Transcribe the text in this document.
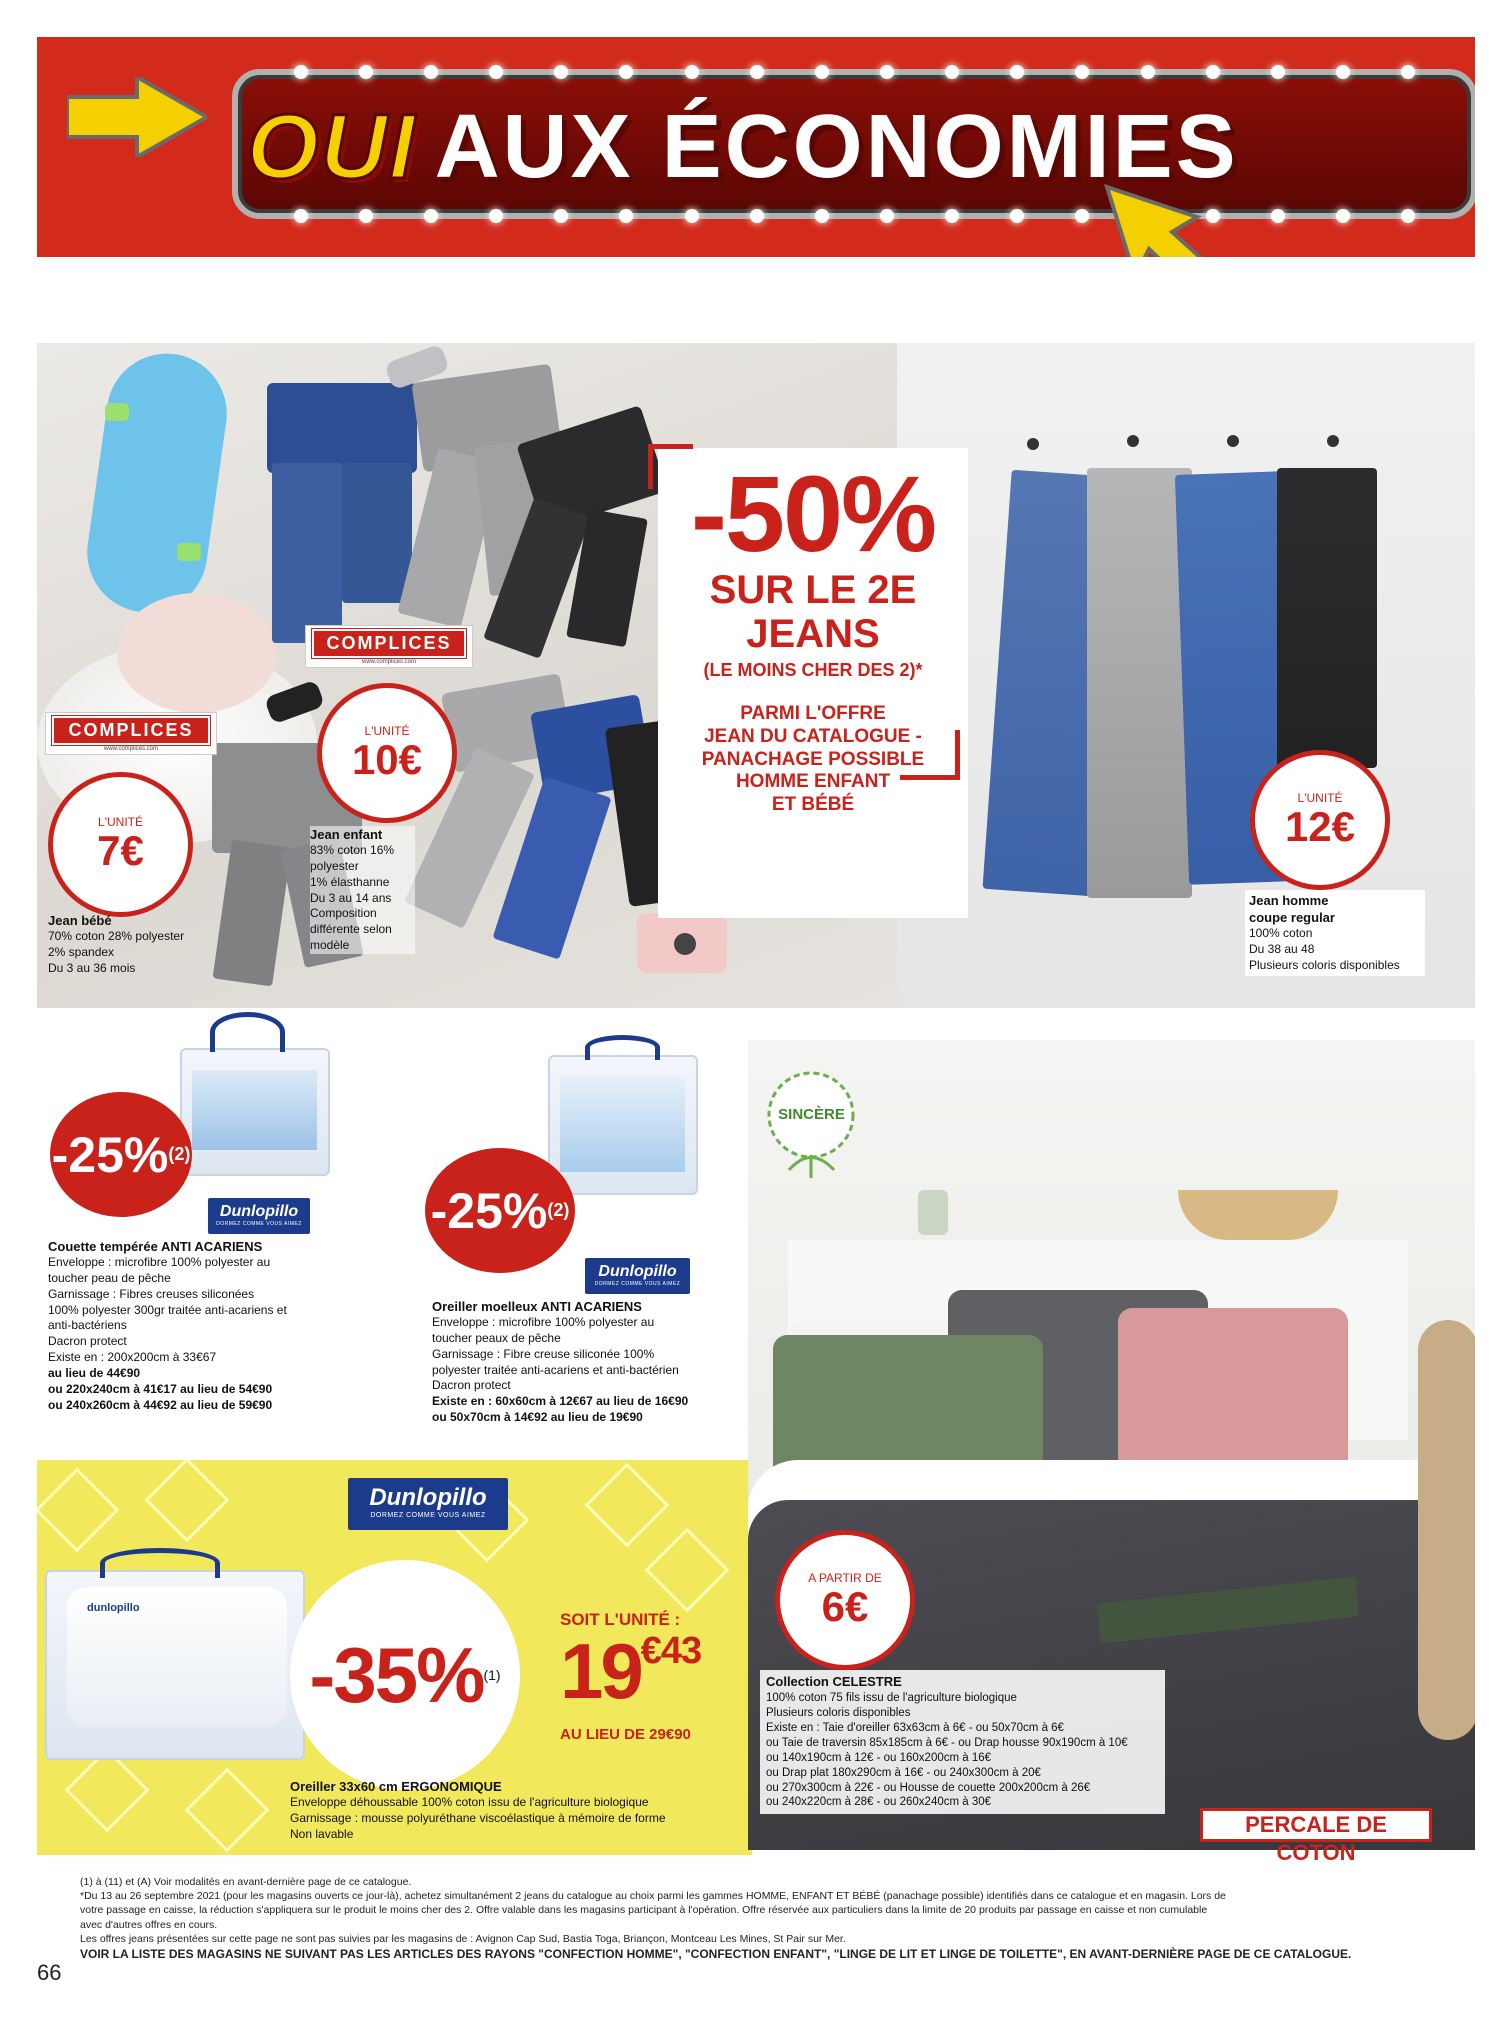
OUI AUX ÉCONOMIES
COMPLICES
www.complices.com
COMPLICES
www.complices.com
L'UNITÉ
10€
L'UNITÉ
7€
Jean bébé
70% coton 28% polyester
2% spandex
Du 3 au 36 mois
Jean enfant
83% coton 16%
polyester
1% élasthanne
Du 3 au 14 ans
Composition
différente selon
modèle
L'UNITÉ
12€
Jean homme
coupe regular
100% coton
Du 38 au 48
Plusieurs coloris disponibles
-50%
SUR LE 2E
JEANS
(LE MOINS CHER DES 2)*
PARMI L'OFFRE
JEAN DU CATALOGUE -
PANACHAGE POSSIBLE
HOMME ENFANT
ET BÉBÉ
-25% (2)
Dunlopillo
DORMEZ COMME VOUS AIMEZ
Couette tempérée ANTI ACARIENS
Enveloppe : microfibre 100% polyester au
toucher peau de pêche
Garnissage : Fibres creuses siliconées
100% polyester 300gr traitée anti-acariens et
anti-bactériens
Dacron protect
Existe en : 200x200cm à 33€67
au lieu de 44€90
ou 220x240cm à 41€17 au lieu de 54€90
ou 240x260cm à 44€92 au lieu de 59€90
-25% (2)
Dunlopillo
DORMEZ COMME VOUS AIMEZ
Oreiller moelleux ANTI ACARIENS
Enveloppe : microfibre 100% polyester au
toucher peaux de pêche
Garnissage : Fibre creuse siliconée 100%
polyester traitée anti-acariens et anti-bactérien
Dacron protect
Existe en : 60x60cm à 12€67 au lieu de 16€90
ou 50x70cm à 14€92 au lieu de 19€90
Dunlopillo
DORMEZ COMME VOUS AIMEZ
dunlopillo
-35% (1)
SOIT L'UNITÉ :
$19^{€43}$
AU LIEU DE 29€90
Oreiller 33x60 cm ERGONOMIQUE
Enveloppe déhoussable 100% coton issu de l'agriculture biologique
Garnissage : mousse polyuréthane viscoélastique à mémoire de forme
Non lavable
SINCÈRE
A PARTIR DE
6€
Collection CELESTRE
100% coton 75 fils issu de l'agriculture biologique
Plusieurs coloris disponibles
Existe en : Taie d'oreiller 63x63cm à 6€ - ou 50x70cm à 6€
ou Taie de traversin 85x185cm à 6€ - ou Drap housse 90x190cm à 10€
ou 140x190cm à 12€ - ou 160x200cm à 16€
ou Drap plat 180x290cm à 16€ - ou 240x300cm à 20€
ou 270x300cm à 22€ - ou Housse de couette 200x200cm à 26€
ou 240x220cm à 28€ - ou 260x240cm à 30€
PERCALE DE COTON
66
(1) à (11) et (A) Voir modalités en avant-dernière page de ce catalogue.
*Du 13 au 26 septembre 2021 (pour les magasins ouverts ce jour-là), achetez simultanément 2 jeans du catalogue au choix parmi les gammes HOMME, ENFANT ET BÉBÉ (panachage possible) identifiés dans ce catalogue et en magasin. Lors de
votre passage en caisse, la réduction s'appliquera sur le produit le moins cher des 2. Offre valable dans les magasins participant à l'opération. Offre réservée aux particuliers dans la limite de 20 produits par passage en caisse et non cumulable
avec d'autres offres en cours.
Les offres jeans présentées sur cette page ne sont pas suivies par les magasins de : Avignon Cap Sud, Bastia Toga, Briançon, Montceau Les Mines, St Pair sur Mer.
VOIR LA LISTE DES MAGASINS NE SUIVANT PAS LES ARTICLES DES RAYONS "CONFECTION HOMME", "CONFECTION ENFANT", "LINGE DE LIT ET LINGE DE TOILETTE", EN AVANT-DERNIÈRE PAGE DE CE CATALOGUE.
